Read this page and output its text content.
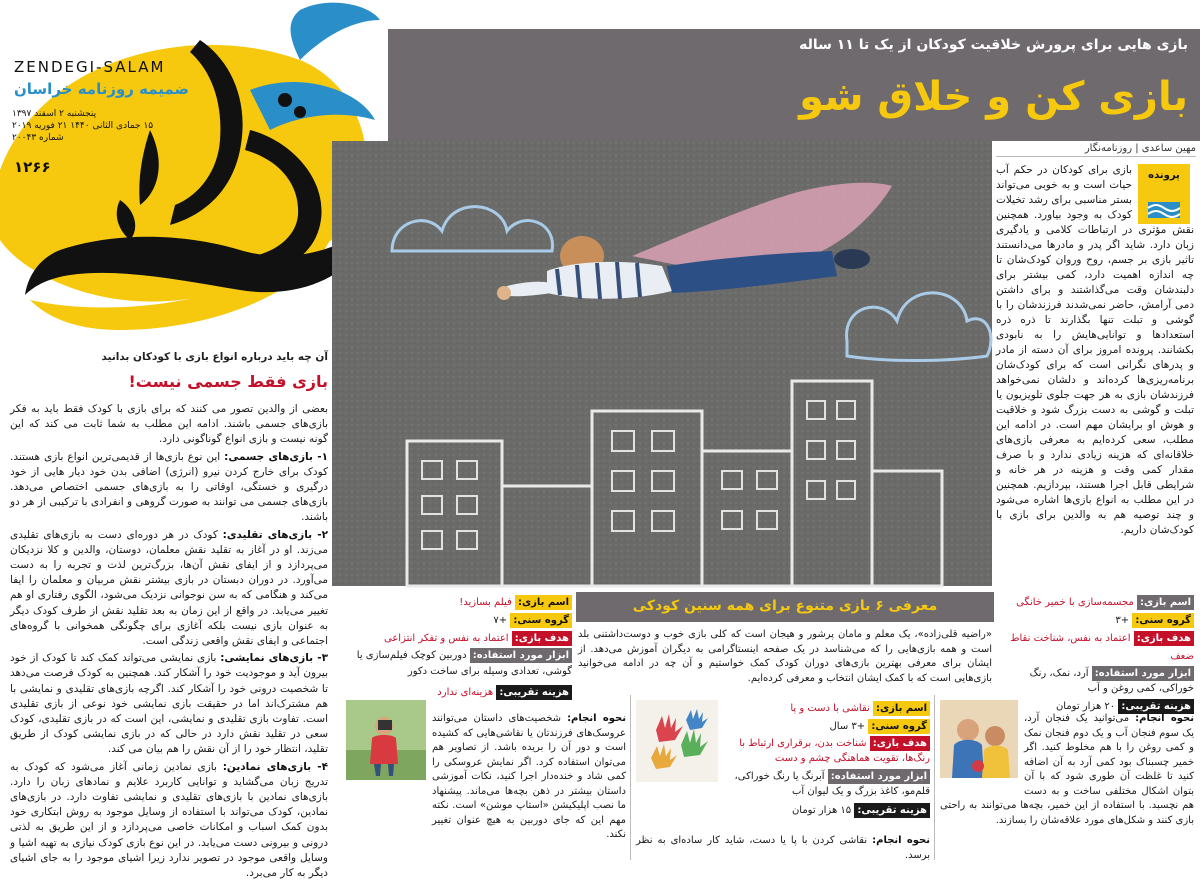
ZENDEGI-SALAM
ضمیمه روزنامه خراسان
پنجشنبه ۲ اسفند ۱۳۹۷
۱۵ جمادی الثانی ۱۴۴۰ ۲۱ فوریه ۲۰۱۹
شماره ۲۰۰۴۳
۱۲۶۶
بازی هایی برای پرورش خلاقیت کودکان از یک تا ۱۱ ساله
بازی کن و خلاق شو
مهین ساعدی | روزنامه‌نگار
بازی برای کودکان در حکم آب حیات است و به خوبی می‌تواند بستر مناسبی برای رشد تخیلات کودک به وجود بیاورد. همچنین نقش مؤثری در ارتباطات کلامی و یادگیری زبان دارد. شاید اگر پدر و مادرها می‌دانستند تاثیر بازی بر جسم، روح وروان کودک‌شان تا چه اندازه اهمیت دارد، کمی بیشتر برای دلبندشان وقت می‌گذاشتند و برای داشتن دمی آرامش، حاضر نمی‌شدند فرزندشان را با گوشی و تبلت تنها بگذارند تا ذره ذره استعدادها و توانایی‌هایش را به نابودی بکشانند. پرونده امروز برای آن دسته از مادر و پدرهای نگرانی است که برای کودک‌شان برنامه‌ریزی‌ها کرده‌اند و دلشان نمی‌خواهد فرزندشان بازی به هر جهت جلوی تلویزیون یا تبلت و گوشی به دست بزرگ شود و خلاقیت و هوش او برایشان مهم است. در ادامه این مطلب، سعی کرده‌ایم به معرفی بازی‌های خلاقانه‌ای که هزینه زیادی ندارد و با صرف مقدار کمی وقت و هزینه در هر خانه و شرایطی قابل اجرا هستند، بپردازیم. همچنین در این مطلب به انواع بازی‌ها اشاره می‌شود و چند توصیه هم به والدین برای بازی با کودک‌شان داریم.
پرونده
آن چه باید درباره انواع بازی با کودکان بدانید
بازی فقط جسمی نیست!

بعضی از والدین تصور می کنند که برای بازی با کودک فقط باید به فکر بازی‌های جسمی باشند. ادامه این مطلب به شما ثابت می کند که این گونه نیست و بازی انواع گوناگونی دارد.

۱- بازی‌های جسمی: این نوع بازی‌ها از قدیمی‌ترین انواع بازی هستند. کودک برای خارج کردن نیرو (انرژی) اضافی بدن خود دیار هایی از خود درگیری و خستگی، اوقاتی را به بازی‌های جسمی اختصاص می‌دهد. بازی‌های جسمی می توانند به صورت گروهی و انفرادی با ترکیبی از هر دو باشند.

۲- بازی‌های تقلیدی: کودک در هر دوره‌ای دست به بازی‌های تقلیدی می‌زند. او در آغاز به تقلید نقش معلمان، دوستان، والدین و کلا نزدیکان می‌پردازد و از ایفای نقش آن‌ها، بزرگ‌ترین لذت و تجربه را به دست می‌آورد. در دوران دبستان در بازی بیشتر نقش مربیان و معلمان را ایفا می‌کند و هنگامی که به سن نوجوانی نزدیک می‌شود، الگوی رفتاری او هم تغییر می‌یابد. در واقع از این زمان به بعد تقلید نقش از طرف کودک دیگر به عنوان بازی نیست بلکه آغازی برای چگونگی همخوانی با گروه‌های اجتماعی و ایفای نقش واقعی زندگی است.

۳- بازی‌های نمایشی: بازی نمایشی می‌تواند کمک کند تا کودک از خود بیرون آید و موجودیت خود را آشکار کند. همچنین به کودک فرصت می‌دهد تا شخصیت درونی خود را آشکار کند. اگرچه بازی‌های تقلیدی و نمایشی با هم مشترک‌اند اما در حقیقت بازی نمایشی خود نوعی از بازی تقلیدی است. تفاوت بازی تقلیدی و نمایشی، این است که در بازی تقلیدی، کودک سعی در تقلید نقش دارد در حالی که در بازی نمایشی کودک از طریق تقلید، انتظار خود را از آن نقش را هم بیان می کند.

۴- بازی‌های نمادین: بازی نمادین زمانی آغاز می‌شود که کودک به تدریج زبان می‌گشاید و توانایی کاربرد علایم و نمادهای زبان را دارد. بازی‌های نمادین با بازی‌های تقلیدی و نمایشی تفاوت دارد. در بازی‌های نمادین، کودک می‌تواند با استفاده از وسایل موجود به روش ابتکاری خود بدون کمک اسباب و امکانات خاصی می‌پردازد و از این طریق به لذتی درونی و بیرونی دست می‌یابد. در این نوع بازی کودک نیازی به تهیه اشیا و وسایل واقعی موجود در تصویر ندارد زیرا اشیای موجود را به جای اشیای دیگر به کار می‌برد.

معرفی ۶ بازی متنوع برای همه سنین کودکی
«راضیه قلی‌زاده»، یک معلم و مامان پرشور و هیجان است که کلی بازی خوب و دوست‌داشتنی بلد است و همه بازی‌هایی را که می‌شناسد در یک صفحه اینستاگرامی به دیگران آموزش می‌دهد. از ایشان برای معرفی بهترین بازی‌های دوران کودک کمک خواستیم و آن چه در ادامه می‌خوانید بازی‌هایی است که با کمک ایشان انتخاب و معرفی کرده‌ایم.
اسم بازی: مجسمه‌سازی با خمیر خانگی
گروه سنی: +۳
هدف بازی: اعتماد به نفس، شناخت نقاط ضعف
ابزار مورد استفاده: آرد، نمک، رنگ خوراکی، کمی روغن و آب
هزینه تقریبی: ۲۰ هزار تومان
نحوه انجام: می‌توانید یک فنجان آرد، یک سوم فنجان آب و یک دوم فنجان نمک و کمی روغن را با هم مخلوط کنید. اگر خمیر چسبناک بود کمی آرد به آن اضافه کنید تا غلظت آن طوری شود که با آن بتوان اشکال مختلفی ساخت و به دست هم نچسبد. با استفاده از این خمیر، بچه‌ها می‌توانند به راحتی بازی کنند و شکل‌های مورد علاقه‌شان را بسازند.
اسم بازی: نقاشی با دست و پا
گروه سنی: +۳ سال
هدف بازی: شناخت بدن، برقراری ارتباط با رنگ‌ها، تقویت هماهنگی چشم و دست
ابزار مورد استفاده: آبرنگ یا رنگ خوراکی، قلم‌مو، کاغذ بزرگ و یک لیوان آب
هزینه تقریبی: ۱۵ هزار تومان
نحوه انجام: نقاشی کردن با پا یا دست، شاید کار ساده‌ای به نظر برسد.
اسم بازی: فیلم بسازید!
گروه سنی: +۷
هدف بازی: اعتماد به نفس و تفکر انتزاعی
ابزار مورد استفاده: دوربین کوچک فیلم‌سازی یا گوشی، تعدادی وسیله برای ساخت دکور
هزینه تقریبی: هزینه‌ای ندارد
نحوه انجام: شخصیت‌های داستان می‌توانند عروسک‌های فرزندتان یا نقاشی‌هایی که کشیده است و دور آن را بریده باشد. از تصاویر هم می‌توان استفاده کرد. اگر نمایش عروسکی را کمی شاد و خنده‌دار اجرا کنید، نکات آموزشی داستان بیشتر در ذهن بچه‌ها می‌ماند. پیشنهاد ما نصب اپلیکیشن «استاپ موشن» است. نکته مهم این که جای دوربین به هیچ عنوان تغییر نکند.
